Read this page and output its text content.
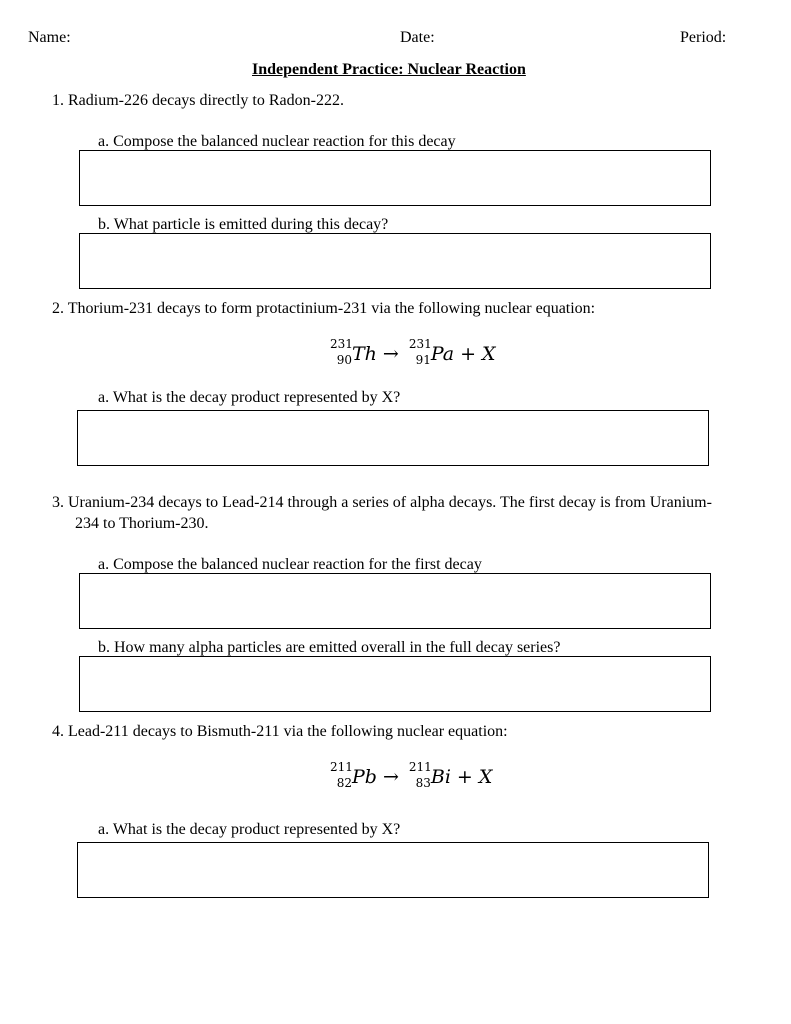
Name:	Date:	Period:
Independent Practice: Nuclear Reaction
1. Radium-226 decays directly to Radon-222.
a. Compose the balanced nuclear reaction for this decay
b. What particle is emitted during this decay?
2. Thorium-231 decays to form protactinium-231 via the following nuclear equation:
231
90 Th → 231
91 Pa + X
a. What is the decay product represented by X?
3. Uranium-234 decays to Lead-214 through a series of alpha decays. The first decay is from Uranium-
234 to Thorium-230.
a. Compose the balanced nuclear reaction for the first decay
b. How many alpha particles are emitted overall in the full decay series?
4. Lead-211 decays to Bismuth-211 via the following nuclear equation:
211
82 Pb → 211
83 Bi + X
a. What is the decay product represented by X?
